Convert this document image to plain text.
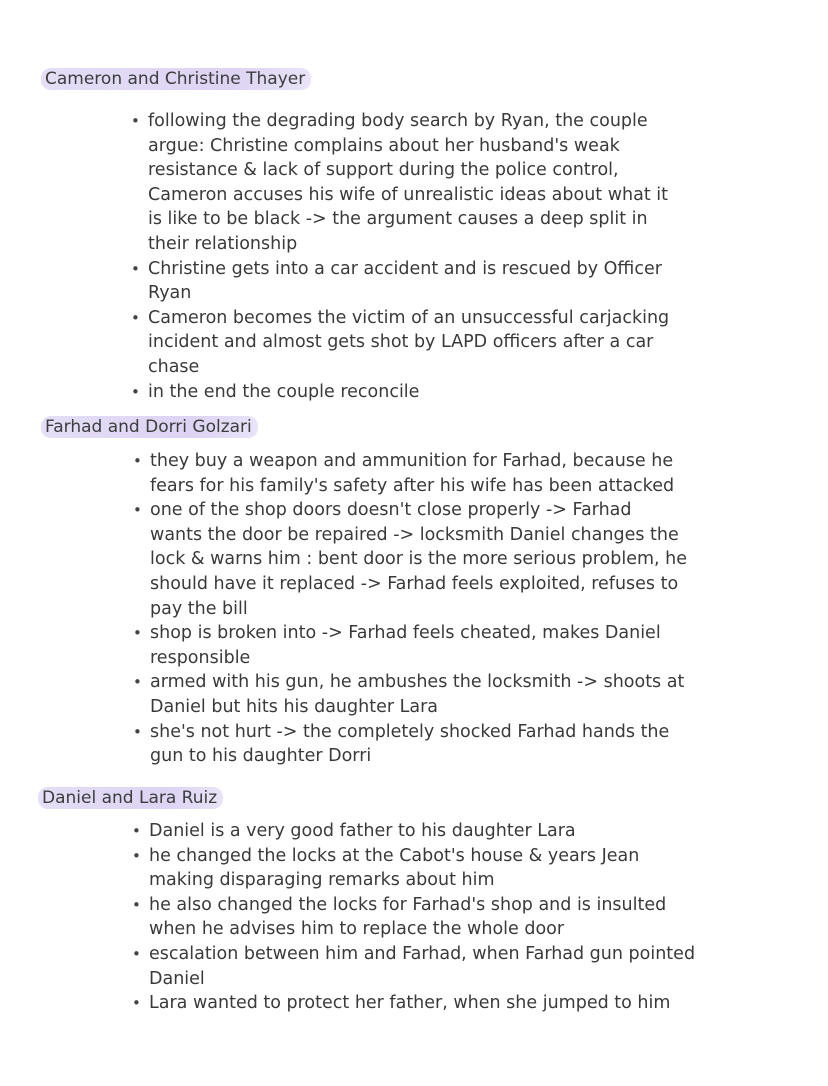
Cameron and Christine Thayer
• following the degrading body search by Ryan, the couple argue: Christine complains about her husband's weak resistance & lack of support during the police control, Cameron accuses his wife of unrealistic ideas about what it is like to be black -> the argument causes a deep split in their relationship
• Christine gets into a car accident and is rescued by Officer Ryan
• Cameron becomes the victim of an unsuccessful carjacking incident and almost gets shot by LAPD officers after a car chase
• in the end the couple reconcile
Farhad and Dorri Golzari
• they buy a weapon and ammunition for Farhad, because he fears for his family's safety after his wife has been attacked
• one of the shop doors doesn't close properly -> Farhad wants the door be repaired -> locksmith Daniel changes the lock & warns him : bent door is the more serious problem, he should have it replaced -> Farhad feels exploited, refuses to pay the bill
• shop is broken into -> Farhad feels cheated, makes Daniel responsible
• armed with his gun, he ambushes the locksmith -> shoots at Daniel but hits his daughter Lara
• she's not hurt -> the completely shocked Farhad hands the gun to his daughter Dorri
Daniel and Lara Ruiz
• Daniel is a very good father to his daughter Lara
• he changed the locks at the Cabot's house & years Jean making disparaging remarks about him
• he also changed the locks for Farhad's shop and is insulted when he advises him to replace the whole door
• escalation between him and Farhad, when Farhad gun pointed Daniel
• Lara wanted to protect her father, when she jumped to him
